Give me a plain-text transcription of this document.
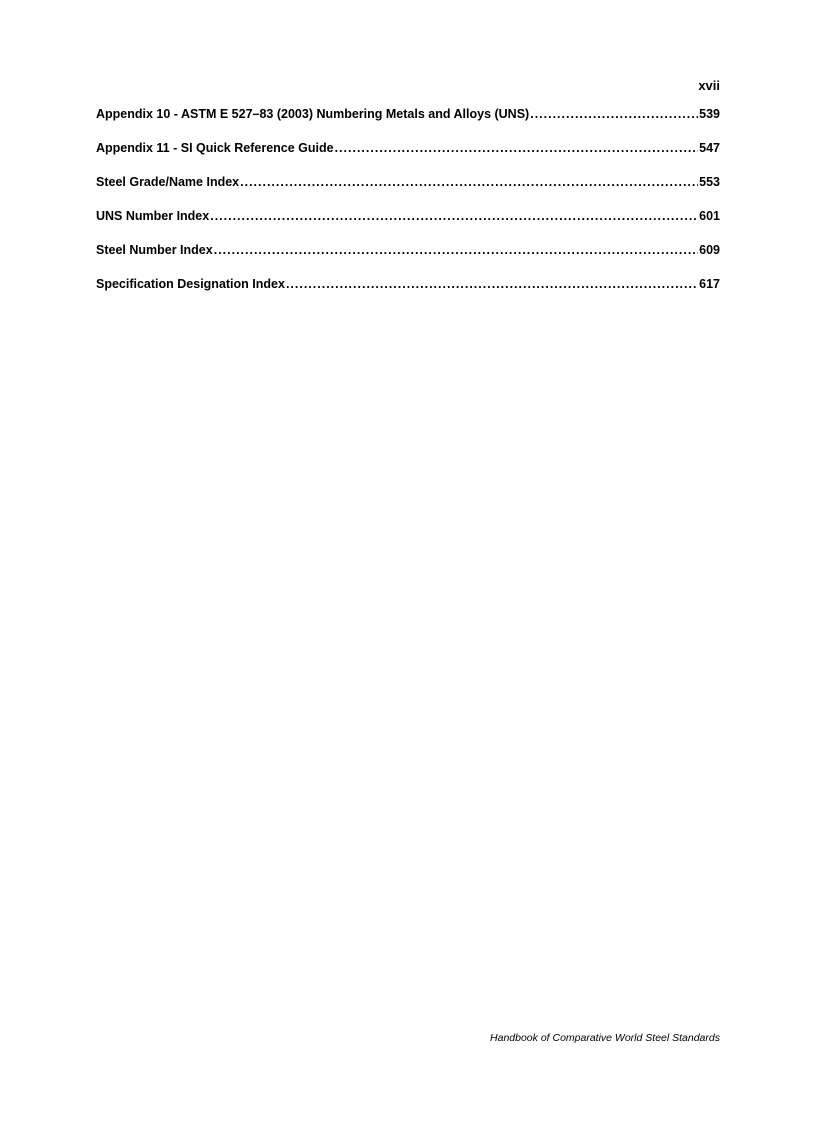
xvii
Appendix 10 - ASTM E 527–83 (2003) Numbering Metals and Alloys (UNS) .....	539
Appendix 11 - SI Quick Reference Guide .....	547
Steel Grade/Name Index .....	553
UNS Number Index .....	601
Steel Number Index .....	609
Specification Designation Index .....	617
Handbook of Comparative World Steel Standards
